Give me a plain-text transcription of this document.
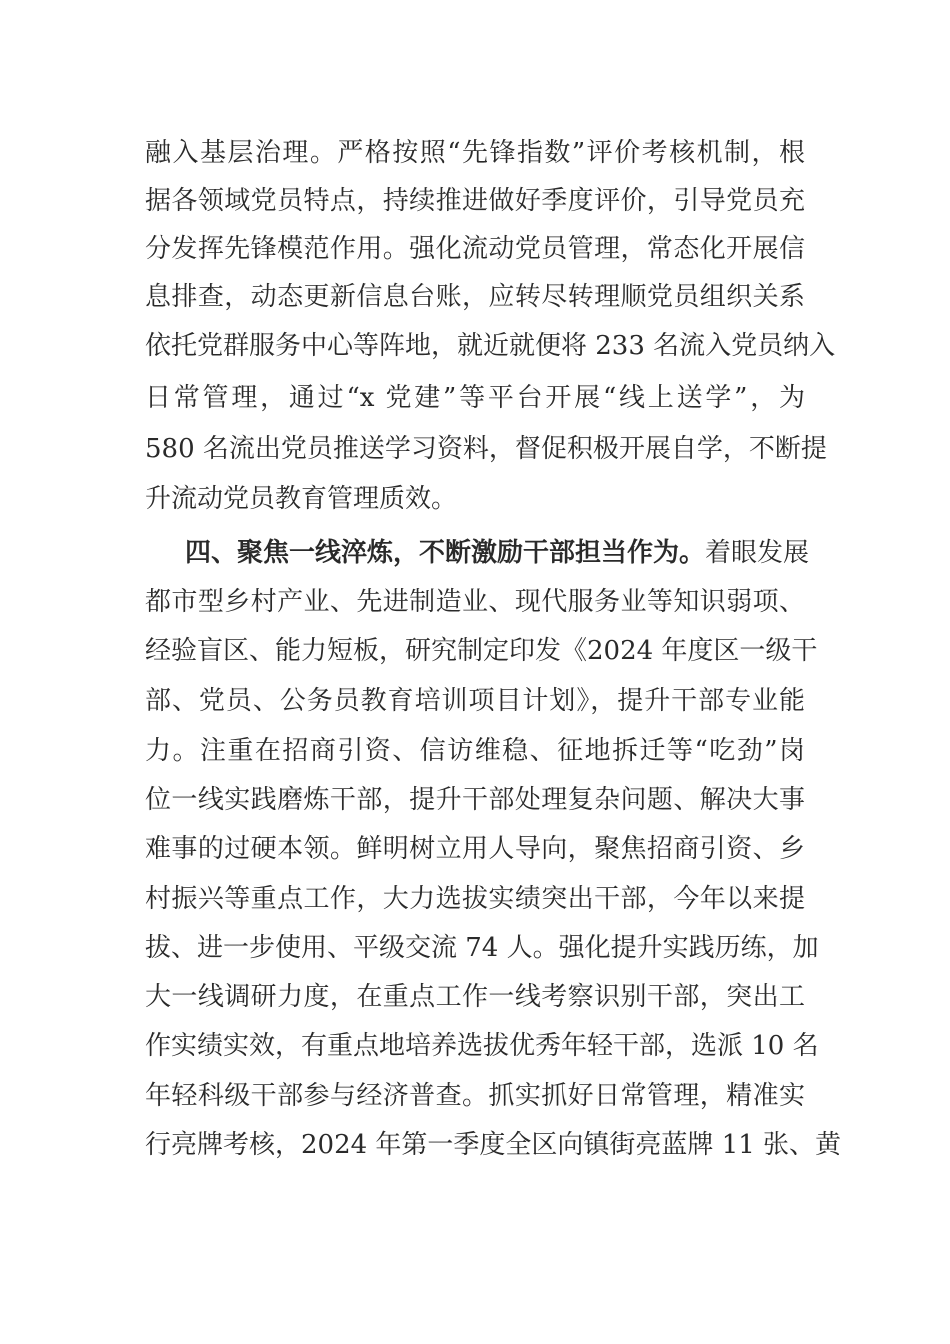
融入基层治理。严格按照“先锋指数”评价考核机制，根
据各领域党员特点，持续推进做好季度评价，引导党员充
分发挥先锋模范作用。强化流动党员管理，常态化开展信
息排查，动态更新信息台账，应转尽转理顺党员组织关系
依托党群服务中心等阵地，就近就便将 233 名流入党员纳入
日常管理，通过“x 党建”等平台开展“线上送学”，为
580 名流出党员推送学习资料，督促积极开展自学，不断提
升流动党员教育管理质效。
四、聚焦一线淬炼，不断激励干部担当作为。 着眼发展
都市型乡村产业、先进制造业、现代服务业等知识弱项、
经验盲区、能力短板，研究制定印发《2024 年度区一级干
部、党员、公务员教育培训项目计划》，提升干部专业能
力。注重在招商引资、信访维稳、征地拆迁等“吃劲”岗
位一线实践磨炼干部，提升干部处理复杂问题、解决大事
难事的过硬本领。鲜明树立用人导向，聚焦招商引资、乡
村振兴等重点工作，大力选拔实绩突出干部，今年以来提
拔、进一步使用、平级交流 74 人。强化提升实践历练，加
大一线调研力度，在重点工作一线考察识别干部，突出工
作实绩实效，有重点地培养选拔优秀年轻干部，选派 10 名
年轻科级干部参与经济普查。抓实抓好日常管理，精准实
行亮牌考核，2024 年第一季度全区向镇街亮蓝牌 11 张、黄
